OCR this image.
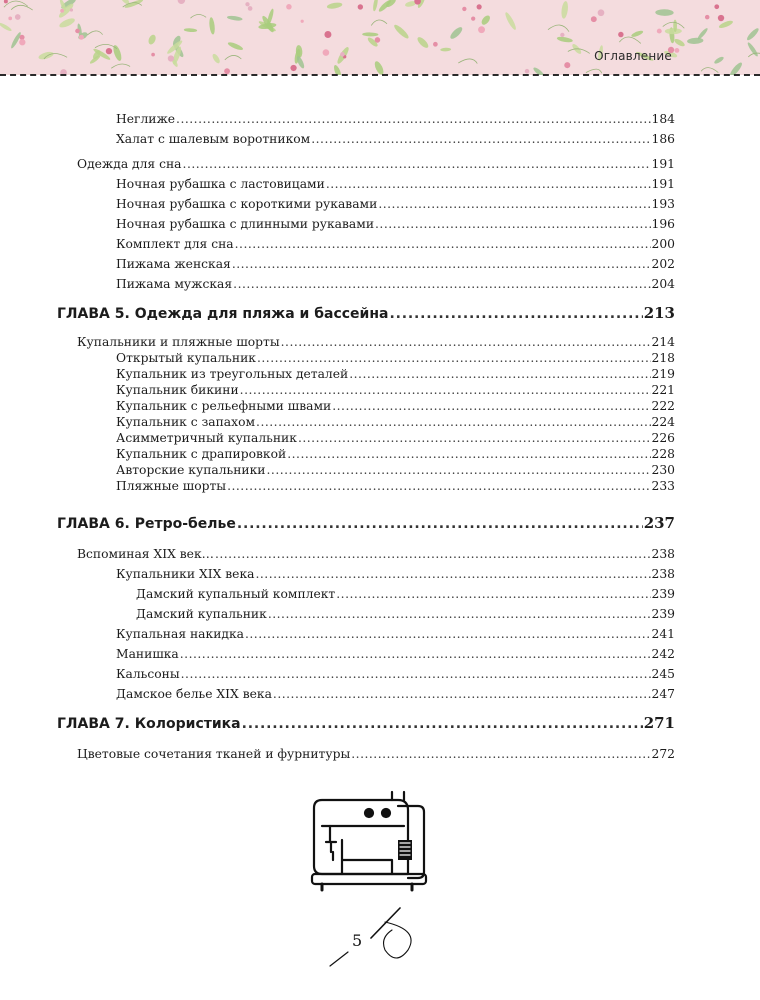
Оглавление
Неглиже .....	184
Халат с шалевым воротником .....	186
Одежда для сна .....	191
Ночная рубашка с ластовицами .....	191
Ночная рубашка с короткими рукавами .....	193
Ночная рубашка с длинными рукавами .....	196
Комплект для сна .....	200
Пижама женская .....	202
Пижама мужская .....	204
ГЛАВА 5. Одежда для пляжа и бассейна .....	213
Купальники и пляжные шорты .....	214
Открытый купальник .....	218
Купальник из треугольных деталей .....	219
Купальник бикини .....	221
Купальник с рельефными швами .....	222
Купальник с запахом .....	224
Асимметричный купальник .....	226
Купальник с драпировкой .....	228
Авторские купальники .....	230
Пляжные шорты .....	233
ГЛАВА 6. Ретро-белье .....	237
Вспоминая XIX век… .....	238
Купальники XIX века .....	238
Дамский купальный комплект .....	239
Дамский купальник .....	239
Купальная накидка .....	241
Манишка .....	242
Кальсоны .....	245
Дамское белье XIX века .....	247
ГЛАВА 7. Колористика .....	271
Цветовые сочетания тканей и фурнитуры .....	272
5
